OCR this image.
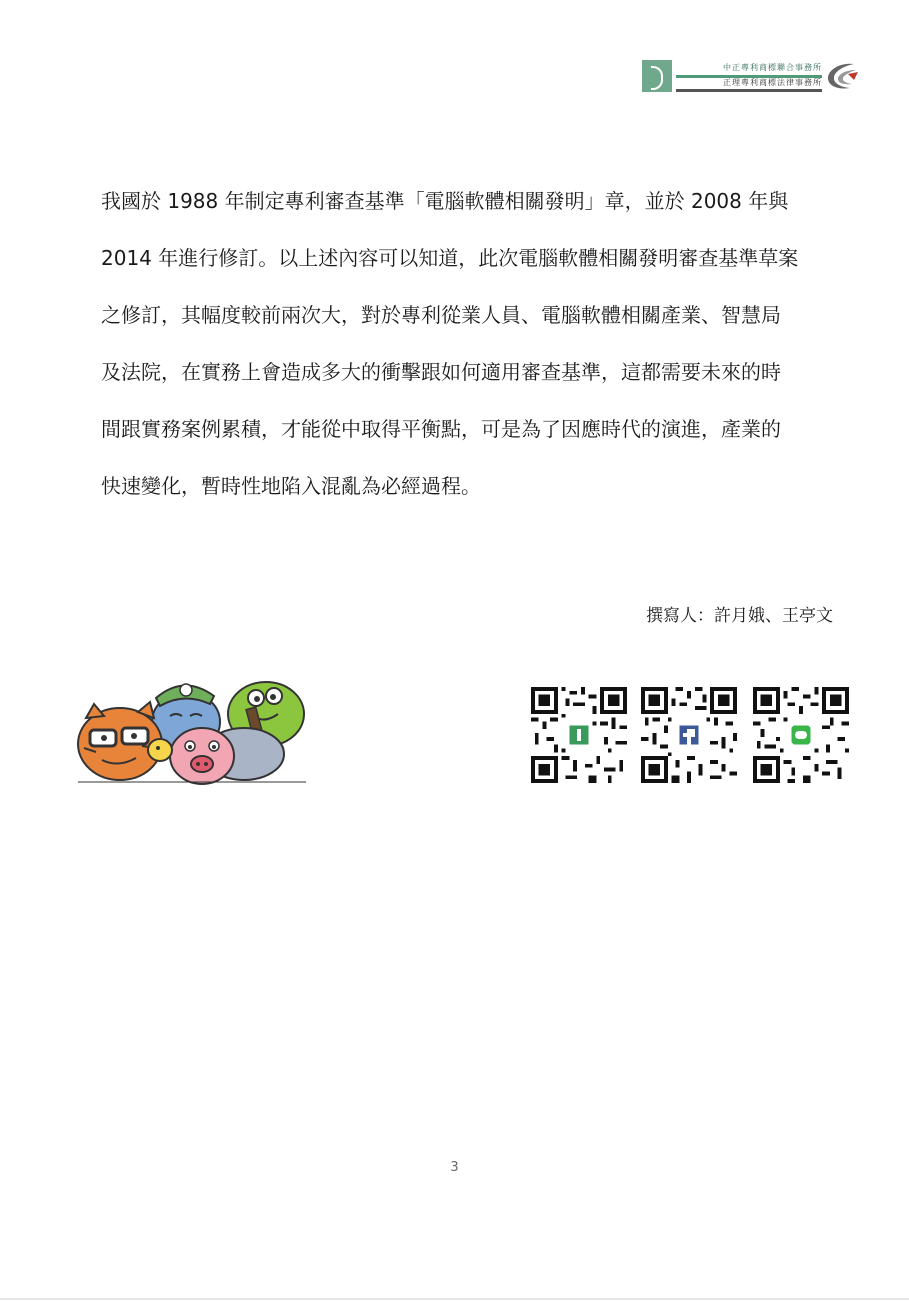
中正專利商標聯合事務所
正理專利商標法律事務所

我國於 1988 年制定專利審查基準「電腦軟體相關發明」章，並於 2008 年與
2014 年進行修訂。以上述內容可以知道，此次電腦軟體相關發明審查基準草案
之修訂，其幅度較前兩次大，對於專利從業人員、電腦軟體相關產業、智慧局
及法院，在實務上會造成多大的衝擊跟如何適用審查基準，這都需要未來的時
間跟實務案例累積，才能從中取得平衡點，可是為了因應時代的演進，產業的
快速變化，暫時性地陷入混亂為必經過程。

撰寫人：許月娥、王亭文
3
